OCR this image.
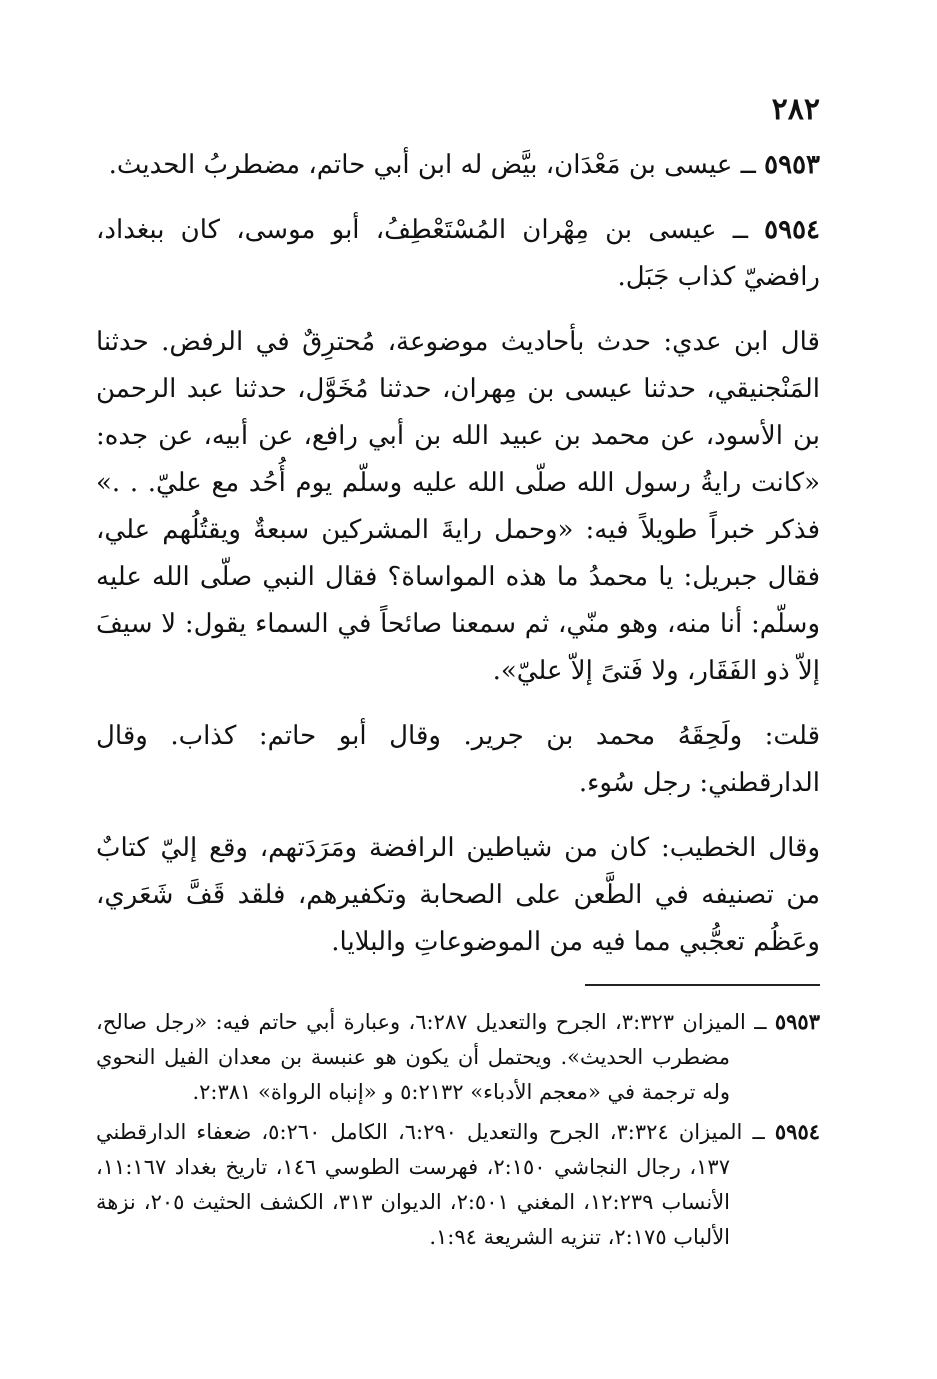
٢٨٢

٥٩٥٣ ــ عيسى بن مَعْدَان، بيَّض له ابن أبي حاتم، مضطربُ الحديث.

٥٩٥٤ ــ عيسى بن مِهْران المُسْتَعْطِفُ، أبو موسى، كان ببغداد، رافضيّ كذاب جَبَل.

قال ابن عدي: حدث بأحاديث موضوعة، مُحترِقٌ في الرفض. حدثنا المَنْجنيقي، حدثنا عيسى بن مِهران، حدثنا مُخَوَّل، حدثنا عبد الرحمن بن الأسود، عن محمد بن عبيد الله بن أبي رافع، عن أبيه، عن جده: «كانت رايةُ رسول الله صلّى الله عليه وسلّم يوم أُحُد مع عليّ. . .» فذكر خبراً طويلاً فيه: «وحمل رايةَ المشركين سبعةٌ ويقتُلُهم علي، فقال جبريل: يا محمدُ ما هذه المواساة؟ فقال النبي صلّى الله عليه وسلّم: أنا منه، وهو منّي، ثم سمعنا صائحاً في السماء يقول: لا سيفَ إلاّ ذو الفَقَار، ولا فَتىً إلاّ عليّ».

قلت: ولَحِقَهُ محمد بن جرير. وقال أبو حاتم: كذاب. وقال الدارقطني: رجل سُوء.

وقال الخطيب: كان من شياطين الرافضة ومَرَدَتهم، وقع إليّ كتابٌ من تصنيفه في الطَّعن على الصحابة وتكفيرهم، فلقد قَفَّ شَعَري، وعَظُم تعجُّبي مما فيه من الموضوعاتِ والبلايا.

٥٩٥٣ ــ الميزان ٣:٣٢٣، الجرح والتعديل ٦:٢٨٧، وعبارة أبي حاتم فيه: «رجل صالح، مضطرب الحديث». ويحتمل أن يكون هو عنبسة بن معدان الفيل النحوي وله ترجمة في «معجم الأدباء» ٥:٢١٣٢ و «إنباه الرواة» ٢:٣٨١.

٥٩٥٤ ــ الميزان ٣:٣٢٤، الجرح والتعديل ٦:٢٩٠، الكامل ٥:٢٦٠، ضعفاء الدارقطني ١٣٧، رجال النجاشي ٢:١٥٠، فهرست الطوسي ١٤٦، تاريخ بغداد ١١:١٦٧، الأنساب ١٢:٢٣٩، المغني ٢:٥٠١، الديوان ٣١٣، الكشف الحثيث ٢٠٥، نزهة الألباب ٢:١٧٥، تنزيه الشريعة ١:٩٤.
